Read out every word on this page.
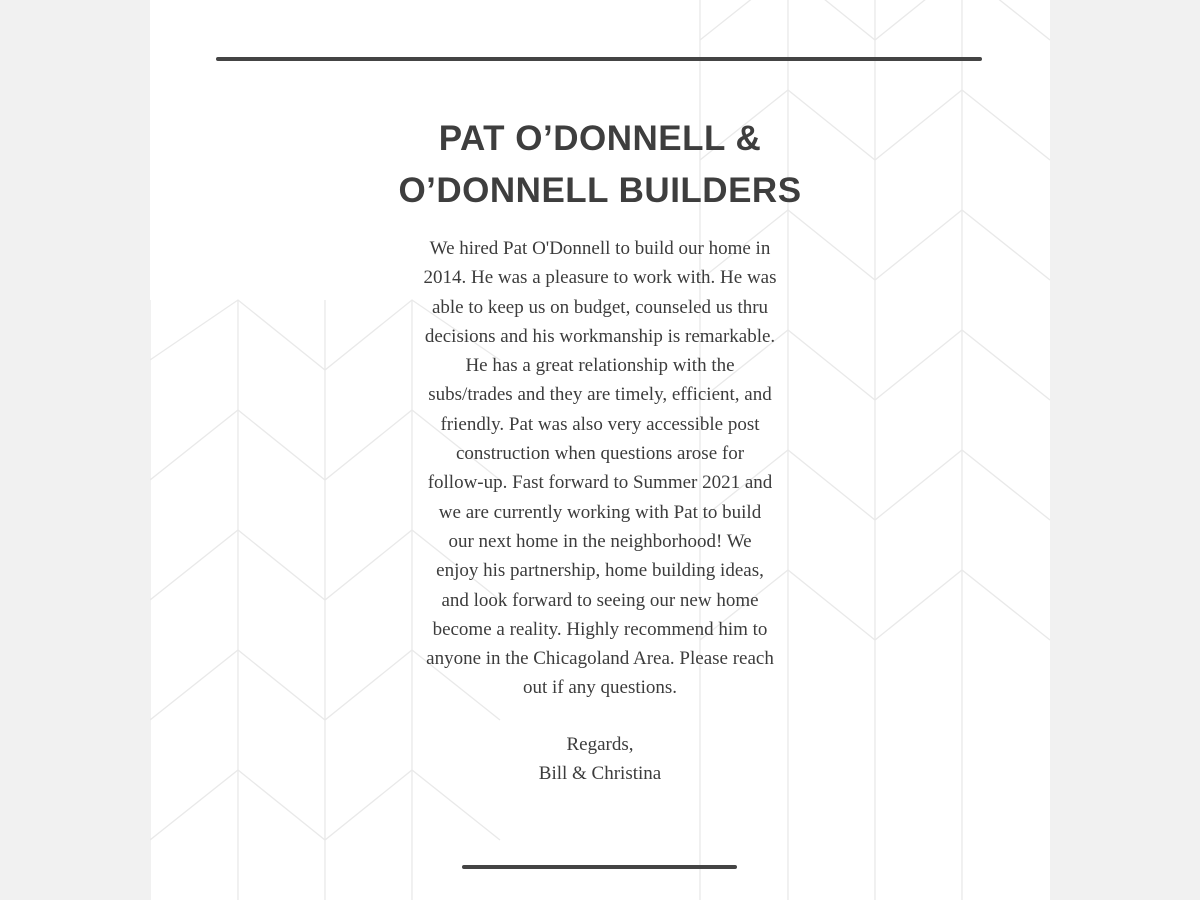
PAT O’DONNELL &
O’DONNELL BUILDERS

We hired Pat O'Donnell to build our home in
2014. He was a pleasure to work with. He was
able to keep us on budget, counseled us thru
decisions and his workmanship is remarkable.
He has a great relationship with the
subs/trades and they are timely, efficient, and
friendly. Pat was also very accessible post
construction when questions arose for
follow-up. Fast forward to Summer 2021 and
we are currently working with Pat to build
our next home in the neighborhood! We
enjoy his partnership, home building ideas,
and look forward to seeing our new home
become a reality. Highly recommend him to
anyone in the Chicagoland Area. Please reach
out if any questions.

Regards,
Bill & Christina
